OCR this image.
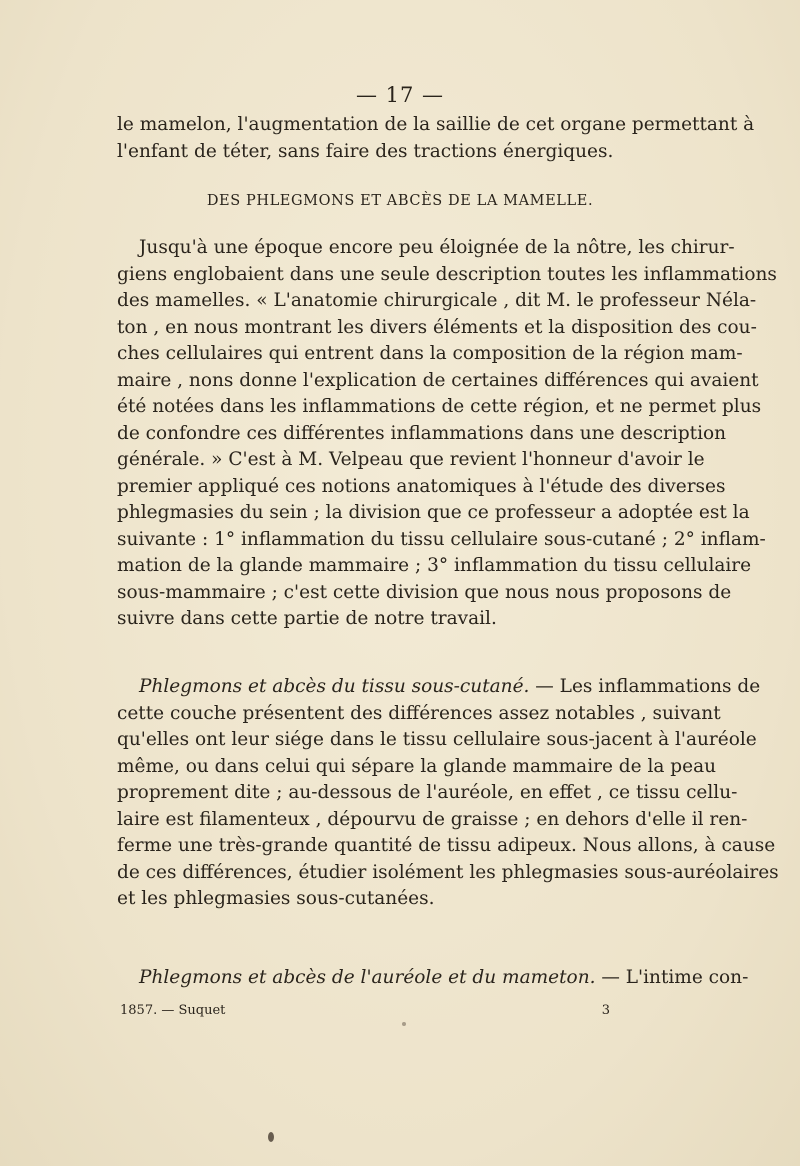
— 17 —
le mamelon, l'augmentation de la saillie de cet organe permettant à
l'enfant de téter, sans faire des tractions énergiques.
DES PHLEGMONS ET ABCÈS DE LA MAMELLE.
Jusqu'à une époque encore peu éloignée de la nôtre, les chirur-
giens englobaient dans une seule description toutes les inflammations
des mamelles. « L'anatomie chirurgicale , dit M. le professeur Néla-
ton , en nous montrant les divers éléments et la disposition des cou-
ches cellulaires qui entrent dans la composition de la région mam-
maire , nons donne l'explication de certaines différences qui avaient
été notées dans les inflammations de cette région, et ne permet plus
de confondre ces différentes inflammations dans une description
générale. » C'est à M. Velpeau que revient l'honneur d'avoir le
premier appliqué ces notions anatomiques à l'étude des diverses
phlegmasies du sein ; la division que ce professeur a adoptée est la
suivante : 1° inflammation du tissu cellulaire sous-cutané ; 2° inflam-
mation de la glande mammaire ; 3° inflammation du tissu cellulaire
sous-mammaire ; c'est cette division que nous nous proposons de
suivre dans cette partie de notre travail.
Phlegmons et abcès du tissu sous-cutané. — Les inflammations de
cette couche présentent des différences assez notables , suivant
qu'elles ont leur siége dans le tissu cellulaire sous-jacent à l'auréole
même, ou dans celui qui sépare la glande mammaire de la peau
proprement dite ; au-dessous de l'auréole, en effet , ce tissu cellu-
laire est filamenteux , dépourvu de graisse ; en dehors d'elle il ren-
ferme une très-grande quantité de tissu adipeux. Nous allons, à cause
de ces différences, étudier isolément les phlegmasies sous-auréolaires
et les phlegmasies sous-cutanées.
Phlegmons et abcès de l'auréole et du mameton. — L'intime con-
1857. — Suquet	3
